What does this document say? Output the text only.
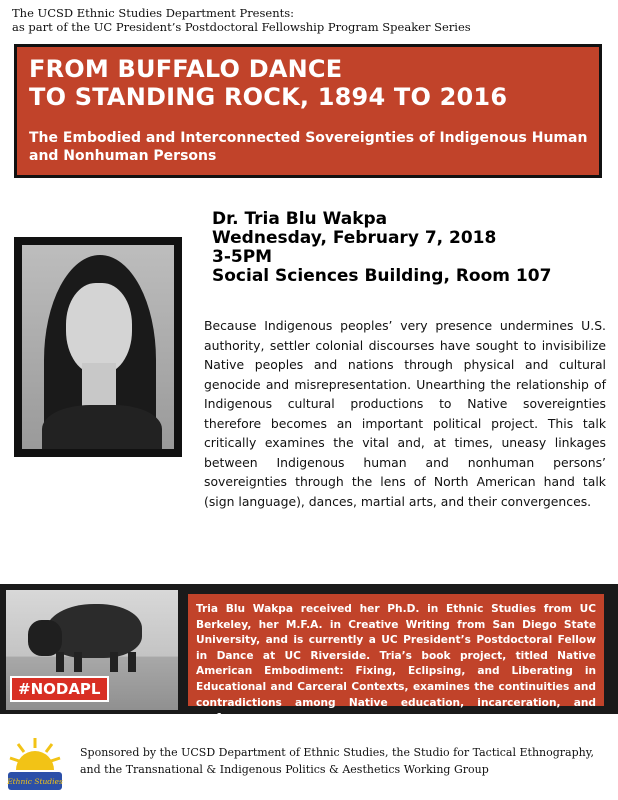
The UCSD Ethnic Studies Department Presents:
as part of the UC President’s Postdoctoral Fellowship Program Speaker Series
FROM BUFFALO DANCE
TO STANDING ROCK, 1894 TO 2016
The Embodied and Interconnected Sovereignties of Indigenous Human and Nonhuman Persons
Dr. Tria Blu Wakpa
Wednesday, February 7, 2018
3-5PM
Social Sciences Building, Room 107
Because Indigenous peoples’ very presence undermines U.S. authority, settler colonial discourses have sought to invisibilize Native peoples and nations through physical and cultural genocide and misrepresentation. Unearthing the relationship of Indigenous cultural productions to Native sovereignties therefore becomes an important political project. This talk critically examines the vital and, at times, uneasy linkages between Indigenous human and nonhuman persons’ sovereignties through the lens of North American hand talk (sign language), dances, martial arts, and their convergences.
#NODAPL
Tria Blu Wakpa received her Ph.D. in Ethnic Studies from UC Berkeley, her M.F.A. in Creative Writing from San Diego State University, and is currently a UC President’s Postdoctoral Fellow in Dance at UC Riverside. Tria’s book project, titled Native American Embodiment: Fixing, Eclipsing, and Liberating in Educational and Carceral Contexts, examines the continuities and contradictions among Native education, incarceration, and performance.
Ethnic Studies
Sponsored by the UCSD Department of Ethnic Studies, the Studio for Tactical Ethnography,
and the Transnational & Indigenous Politics & Aesthetics Working Group
